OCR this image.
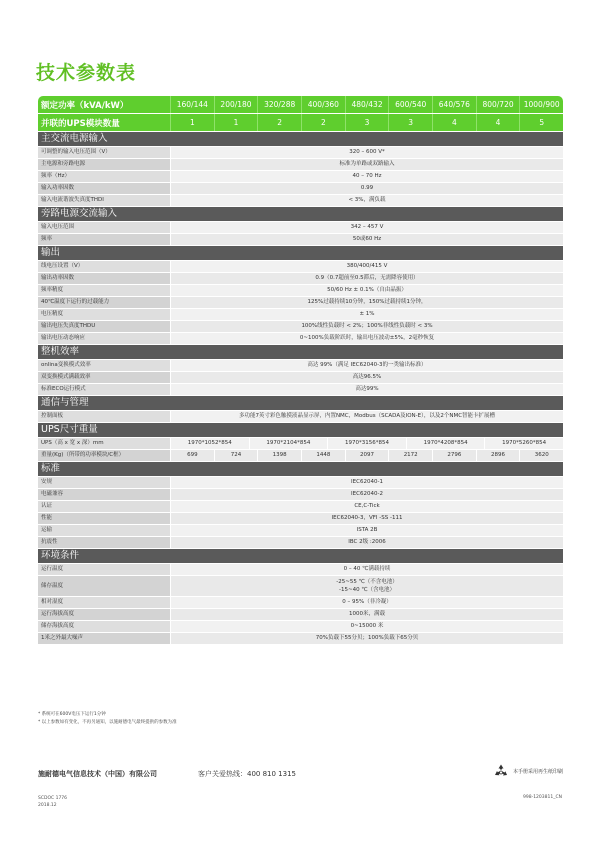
技术参数表
额定功率（kVA/kW）	160/144	200/180	320/288	400/360	480/432	600/540	640/576	800/720	1000/900
并联的UPS模块数量	1	1	2	2	3	3	4	4	5
主交流电源输入
可调整的输入电压范围（V）	320 – 600 V*
主电源和旁路电源	标准为单路或双路输入
频率（Hz）	40 – 70 Hz
输入功率因数	0.99
输入电流谐波失真度THDI	< 3%，满负载
旁路电源交流输入
输入电压范围	342 – 457 V
频率	50或60 Hz
输出
线电压设置（V）	380/400/415 V
输出功率因数	0.9（0.7超前至0.5滞后，无需降容使用）
频率精度	50/60 Hz ± 0.1%（自由晶振）
40℃温度下运行的过载能力	125%过载持续10分钟，150%过载持续1分钟，
电压精度	± 1%
输出电压失真度THDU	100%线性负载时 < 2%；100%非线性负载时 < 3%
输出电压动态响应	0~100%负载阶跃时，输出电压波动±5%，2毫秒恢复
整机效率
onlina变换模式效率	高达 99%（满足 IEC62040-3的一类输出标准）
双变换模式满载效率	高达96.5%
标准ECO运行模式	高达99%
通信与管理
控制面板	多功能7英寸彩色触摸液晶显示屏，内置NMC，Modbus（SCADA及ION-E），以及2个NMC智能卡扩展槽
UPS尺寸重量
UPS（高 x 宽 x 深）mm	1970*1052*854	1970*2104*854	1970*3156*854	1970*4208*854	1970*5260*854
重量(Kg)（所带的功率模块/C框）	699	724	1398	1448	2097	2172	2796	2896	3620
标准
安规	IEC62040-1
电磁兼容	IEC62040-2
认证	CE,C-Tick
性能	IEC62040-3，VFI -SS -111
运输	ISTA 2B
抗震性	IBC 2级 :2006
环境条件
运行温度	0 – 40 ℃满载持续
储存温度
-25~55 ℃（不含电池）
-15~40 ℃（含电池）
相对湿度	0 – 95%（非冷凝）
运行海拔高度	1000米，满载
储存海拔高度	0~15000 米
1米之外最大噪声	70%负载下55分贝；100%负载下65分贝
* 系统可在600V电压下运行1分钟
* 以上参数如有变化，不再另通知，以施耐德电气最终提供的参数为准
施耐德电气信息技术（中国）有限公司	客户关爱热线：400 810 1315	本手册采用再生纸印刷
SCDOC 1776
2018.12
998-1203811_CN
